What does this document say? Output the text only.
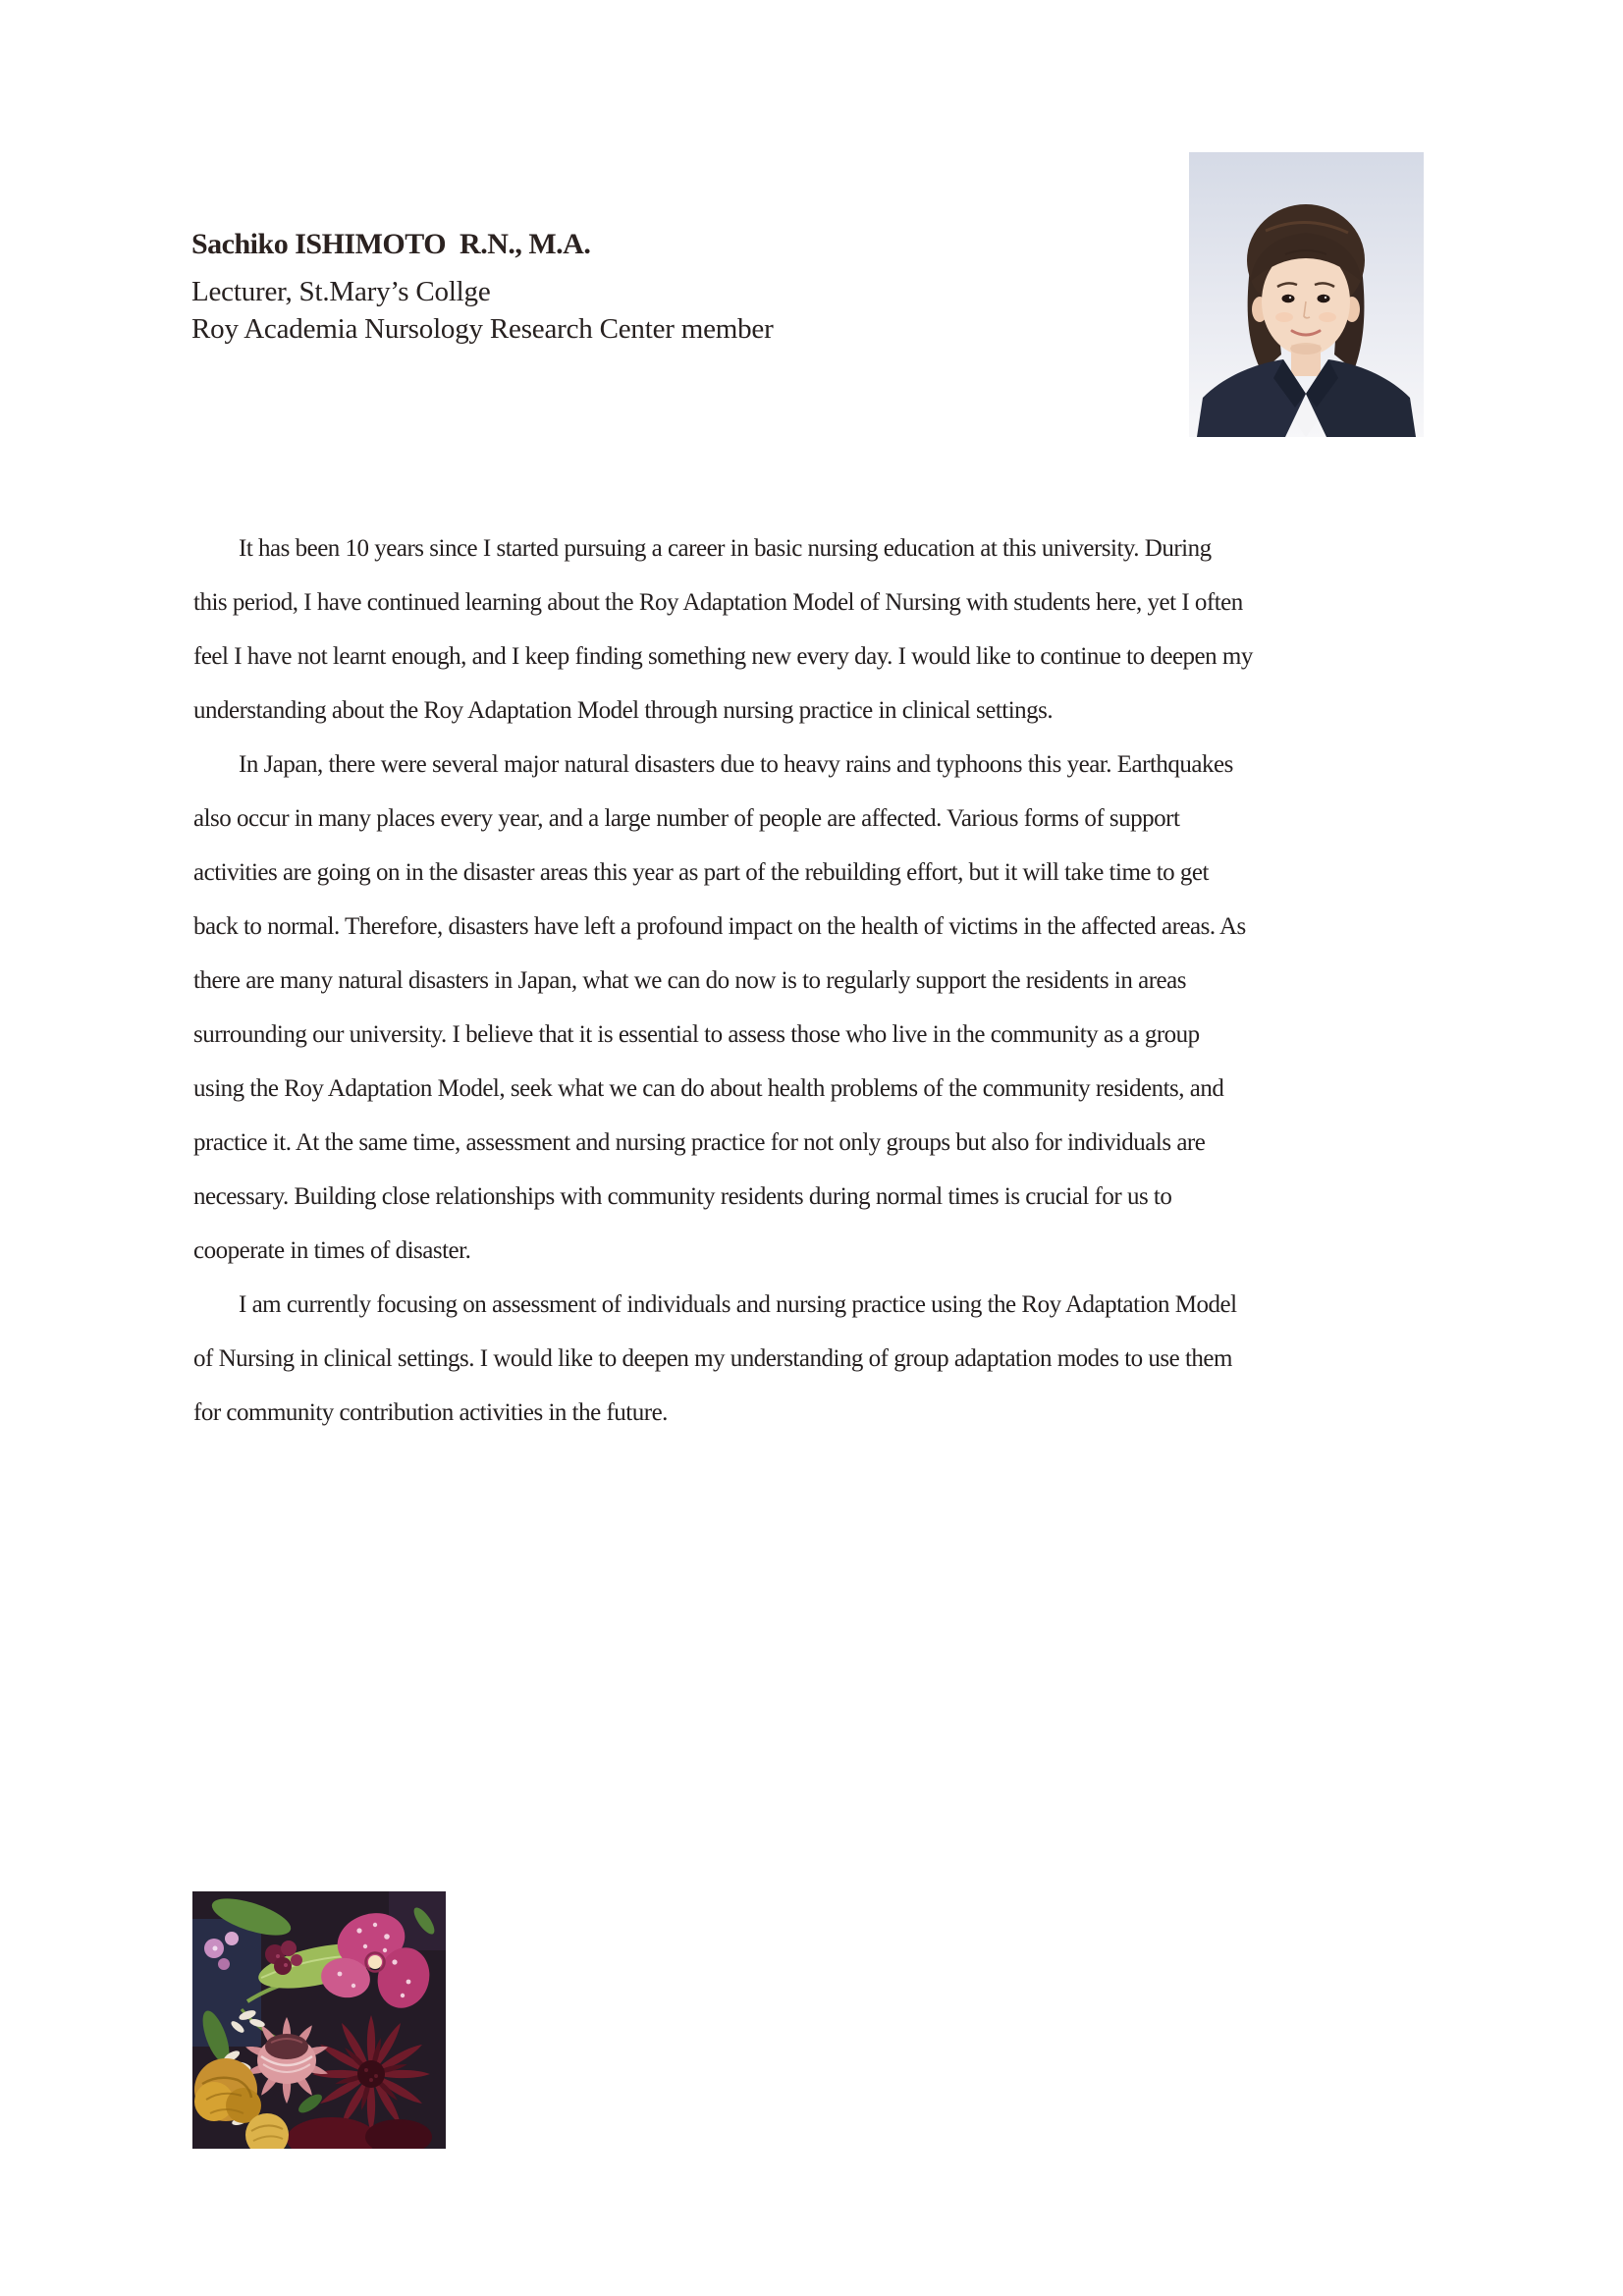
Sachiko ISHIMOTO  R.N., M.A.
Lecturer, St.Mary’s Collge
Roy Academia Nursology Research Center member

It has been 10 years since I started pursuing a career in basic nursing education at this university. During
this period, I have continued learning about the Roy Adaptation Model of Nursing with students here, yet I often
feel I have not learnt enough, and I keep finding something new every day. I would like to continue to deepen my
understanding about the Roy Adaptation Model through nursing practice in clinical settings.

In Japan, there were several major natural disasters due to heavy rains and typhoons this year. Earthquakes
also occur in many places every year, and a large number of people are affected. Various forms of support
activities are going on in the disaster areas this year as part of the rebuilding effort, but it will take time to get
back to normal. Therefore, disasters have left a profound impact on the health of victims in the affected areas. As
there are many natural disasters in Japan, what we can do now is to regularly support the residents in areas
surrounding our university. I believe that it is essential to assess those who live in the community as a group
using the Roy Adaptation Model, seek what we can do about health problems of the community residents, and
practice it. At the same time, assessment and nursing practice for not only groups but also for individuals are
necessary. Building close relationships with community residents during normal times is crucial for us to
cooperate in times of disaster.

I am currently focusing on assessment of individuals and nursing practice using the Roy Adaptation Model
of Nursing in clinical settings. I would like to deepen my understanding of group adaptation modes to use them
for community contribution activities in the future.
